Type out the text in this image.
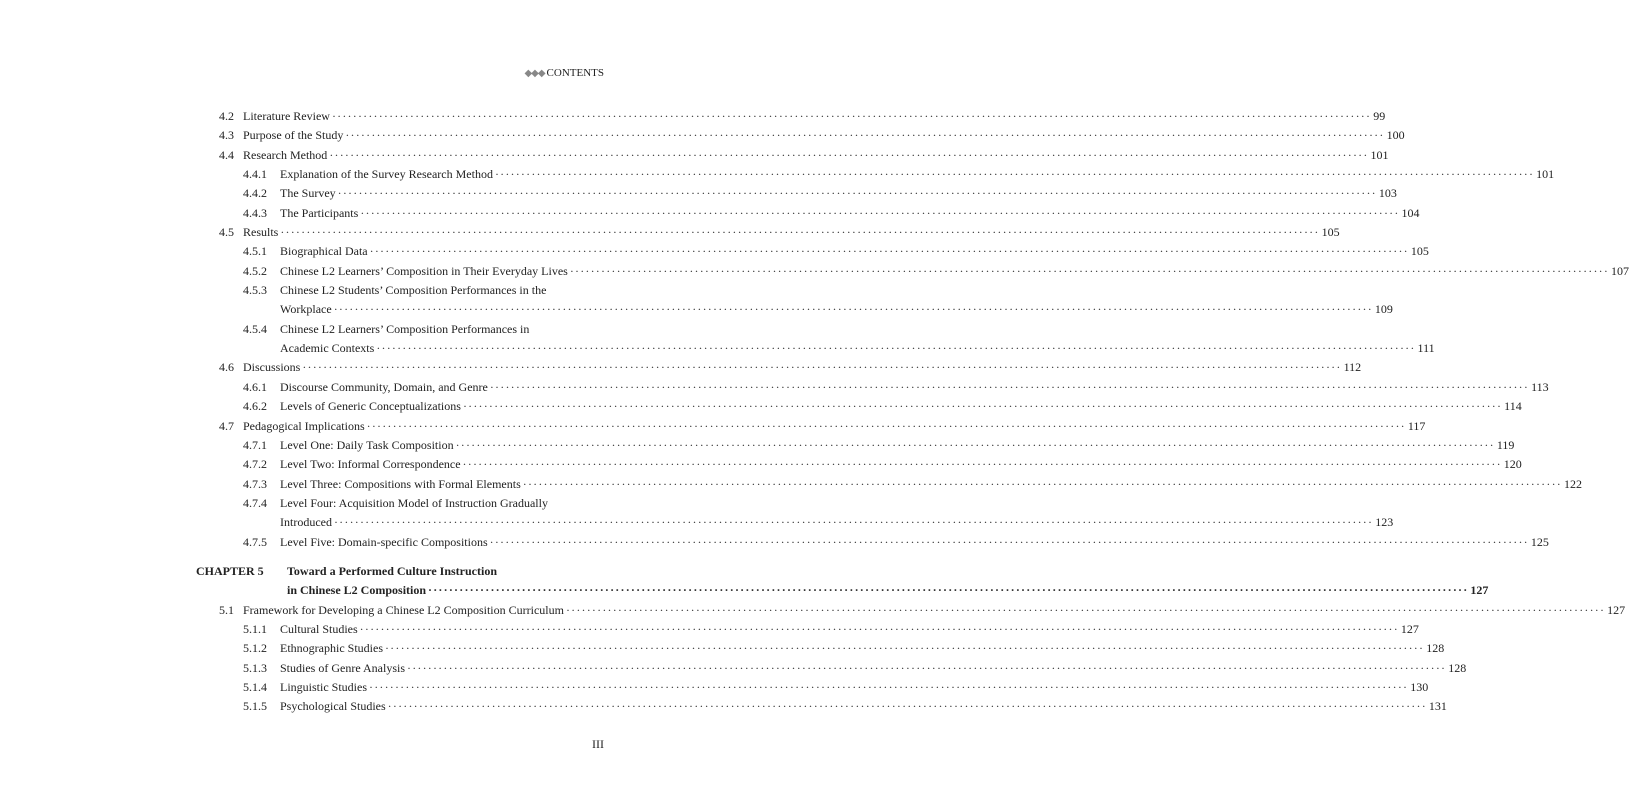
◆◆◆ CONTENTS
4.2 Literature Review ········································································································································································································ 99
4.3 Purpose of the Study ········································································································································································································ 100
4.4 Research Method ········································································································································································································ 101
4.4.1	Explanation of the Survey Research Method ········································································································································································································ 101
4.4.2	The Survey ········································································································································································································ 103
4.4.3	The Participants ········································································································································································································ 104
4.5 Results ········································································································································································································ 105
4.5.1	Biographical Data ········································································································································································································ 105
4.5.2	Chinese L2 Learners’ Composition in Their Everyday Lives ········································································································································································································ 107
4.5.3	Chinese L2 Students’ Composition Performances in the
Workplace ········································································································································································································ 109
4.5.4	Chinese L2 Learners’ Composition Performances in
Academic Contexts ········································································································································································································ 111
4.6 Discussions ········································································································································································································ 112
4.6.1	Discourse Community, Domain, and Genre ········································································································································································································ 113
4.6.2	Levels of Generic Conceptualizations ········································································································································································································ 114
4.7 Pedagogical Implications ········································································································································································································ 117
4.7.1	Level One: Daily Task Composition ········································································································································································································ 119
4.7.2	Level Two: Informal Correspondence ········································································································································································································ 120
4.7.3	Level Three: Compositions with Formal Elements ········································································································································································································ 122
4.7.4	Level Four: Acquisition Model of Instruction Gradually
Introduced ········································································································································································································ 123
4.7.5	Level Five: Domain-specific Compositions ········································································································································································································ 125
CHAPTER 5	Toward a Performed Culture Instruction
in Chinese L2 Composition ········································································································································································································ 127
5.1 Framework for Developing a Chinese L2 Composition Curriculum ········································································································································································································ 127
5.1.1	Cultural Studies ········································································································································································································ 127
5.1.2	Ethnographic Studies ········································································································································································································ 128
5.1.3	Studies of Genre Analysis ········································································································································································································ 128
5.1.4	Linguistic Studies ········································································································································································································ 130
5.1.5	Psychological Studies ········································································································································································································ 131
III
